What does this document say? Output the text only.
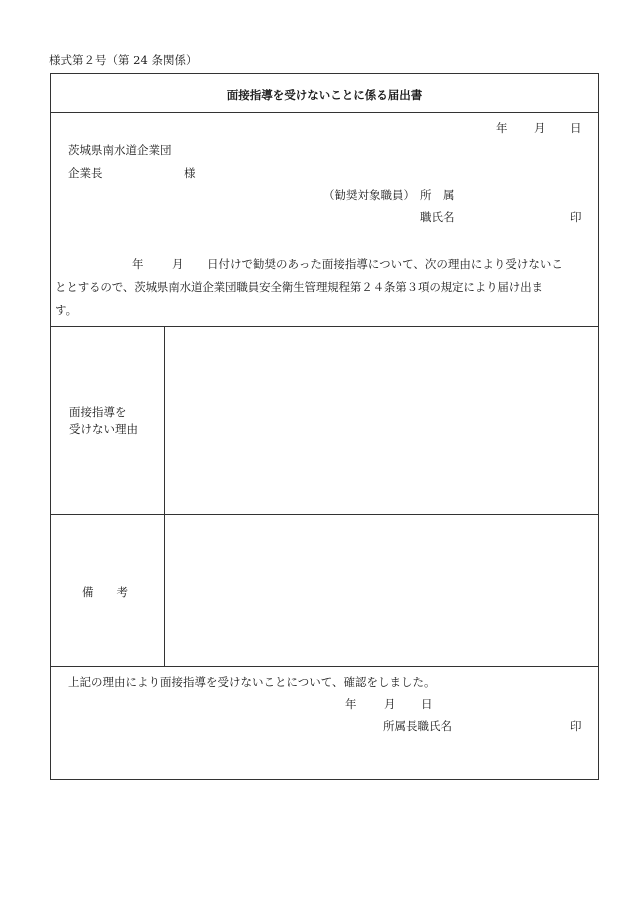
様式第２号（第 24 条関係）
面接指導を受けないことに係る届出書
年 月 日
茨城県南水道企業団
企業長	様
（勧奨対象職員） 所　属
職氏名	印
年 月 日付けで勧奨のあった面接指導について、次の理由により受けないこ
ととするので、茨城県南水道企業団職員安全衛生管理規程第２４条第３項の規定により届け出ま
す。
面接指導を
受けない理由
備　　考
上記の理由により面接指導を受けないことについて、確認をしました。
年 月 日
所属長職氏名	印
